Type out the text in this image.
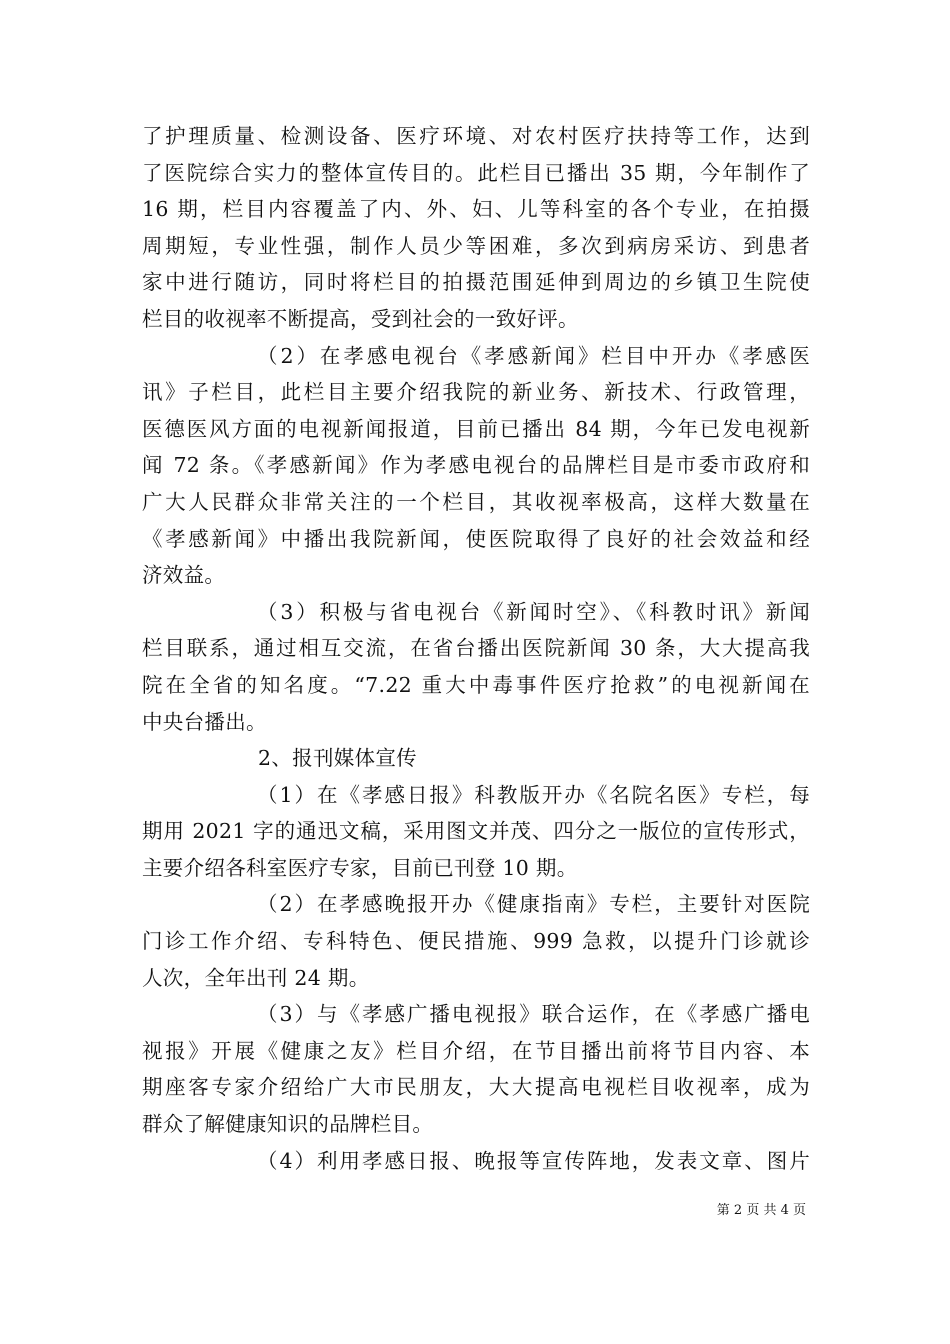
了护理质量、检测设备、医疗环境、对农村医疗扶持等工作，达到
了医院综合实力的整体宣传目的。此栏目已播出 35 期，今年制作了
16 期，栏目内容覆盖了内、外、妇、儿等科室的各个专业，在拍摄
周期短，专业性强，制作人员少等困难，多次到病房采访、到患者
家中进行随访，同时将栏目的拍摄范围延伸到周边的乡镇卫生院使
栏目的收视率不断提高，受到社会的一致好评。
（2）在孝感电视台《孝感新闻》栏目中开办《孝感医
讯》子栏目，此栏目主要介绍我院的新业务、新技术、行政管理，
医德医风方面的电视新闻报道，目前已播出 84 期，今年已发电视新
闻 72 条。《孝感新闻》作为孝感电视台的品牌栏目是市委市政府和
广大人民群众非常关注的一个栏目，其收视率极高，这样大数量在
《孝感新闻》中播出我院新闻，使医院取得了良好的社会效益和经
济效益。
（3）积极与省电视台《新闻时空》、《科教时讯》新闻
栏目联系，通过相互交流，在省台播出医院新闻 30 条，大大提高我
院在全省的知名度。“7.22 重大中毒事件医疗抢救”的电视新闻在
中央台播出。
2、报刊媒体宣传
（1）在《孝感日报》科教版开办《名院名医》专栏，每
期用 2021 字的通迅文稿，采用图文并茂、四分之一版位的宣传形式，
主要介绍各科室医疗专家，目前已刊登 10 期。
（2）在孝感晚报开办《健康指南》专栏，主要针对医院
门诊工作介绍、专科特色、便民措施、999 急救，以提升门诊就诊
人次，全年出刊 24 期。
（3）与《孝感广播电视报》联合运作，在《孝感广播电
视报》开展《健康之友》栏目介绍，在节目播出前将节目内容、本
期座客专家介绍给广大市民朋友，大大提高电视栏目收视率，成为
群众了解健康知识的品牌栏目。
（4）利用孝感日报、晚报等宣传阵地，发表文章、图片
第 2 页 共 4 页
